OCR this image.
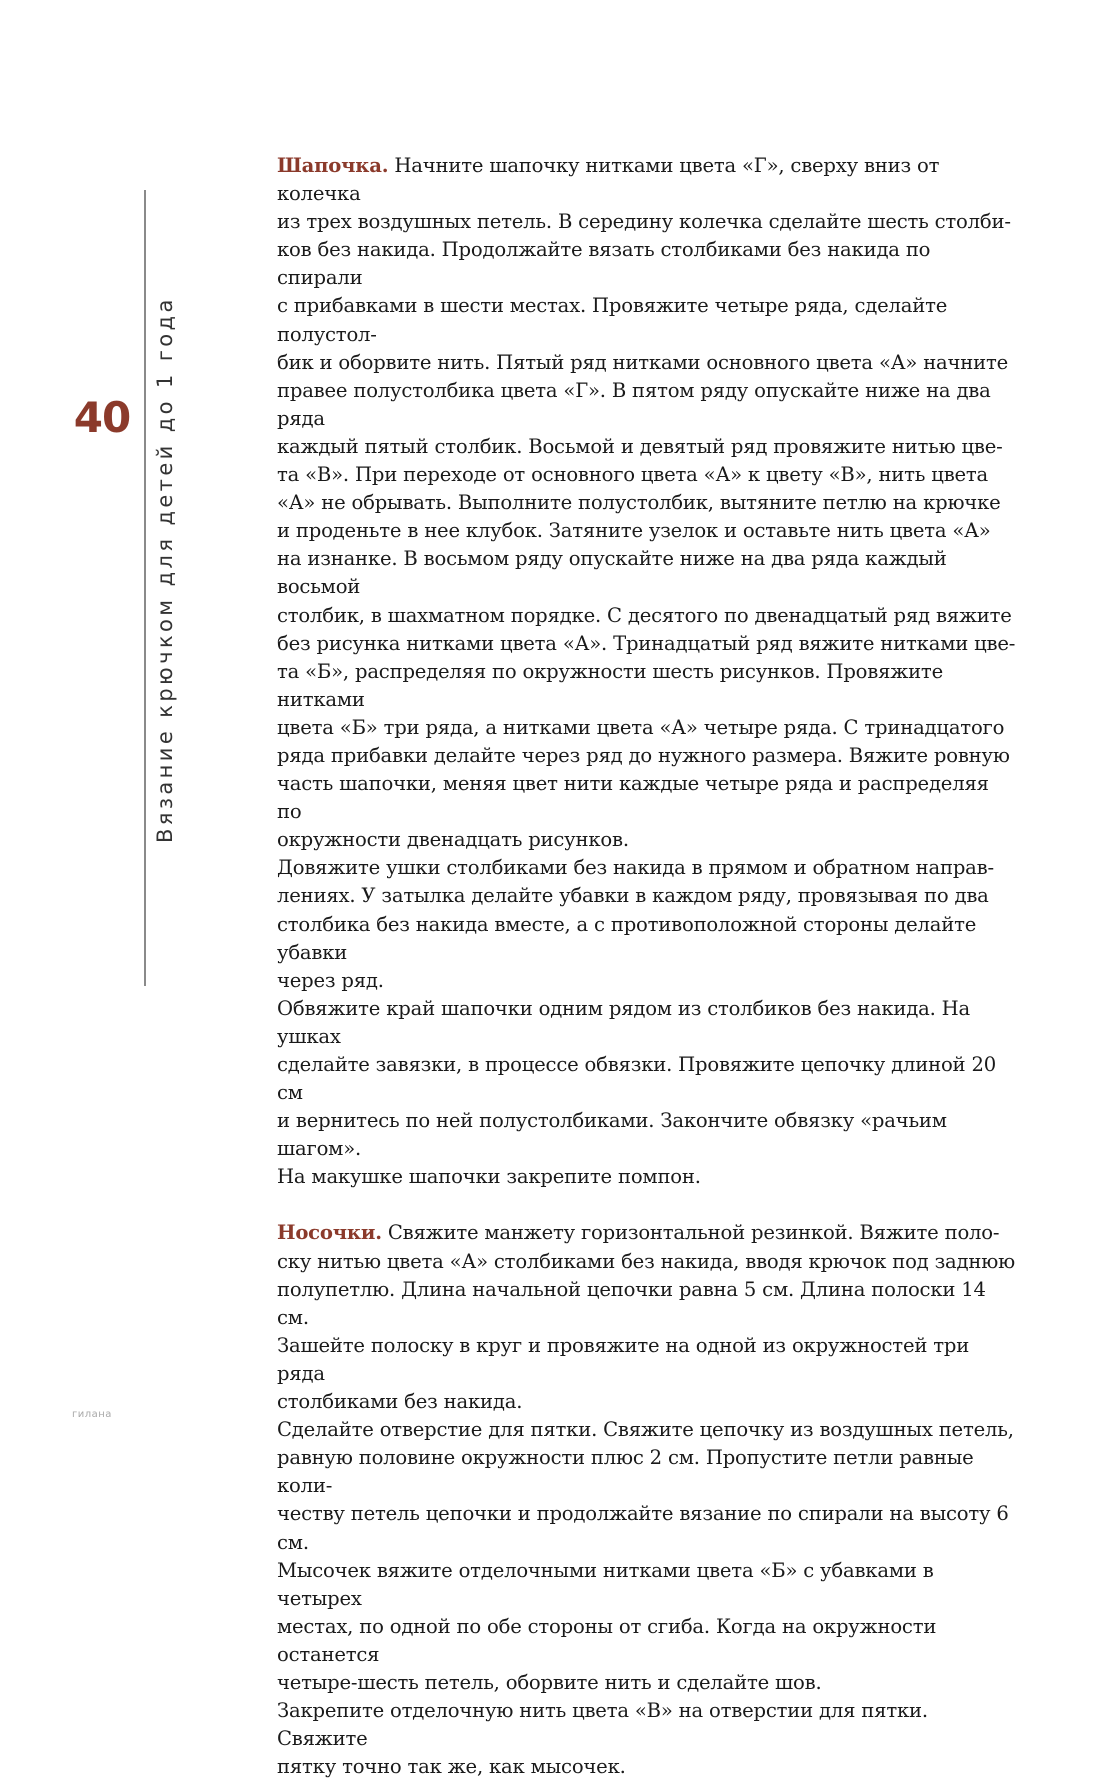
40	Вязание крючком для детей до 1 года

Шапочка. Начните шапочку нитками цвета «Г», сверху вниз от колечка
из трех воздушных петель. В середину колечка сделайте шесть столби-
ков без накида. Продолжайте вязать столбиками без накида по спирали
с прибавками в шести местах. Провяжите четыре ряда, сделайте полустол-
бик и оборвите нить. Пятый ряд нитками основного цвета «А» начните
правее полустолбика цвета «Г». В пятом ряду опускайте ниже на два ряда
каждый пятый столбик. Восьмой и девятый ряд провяжите нитью цве-
та «В». При переходе от основного цвета «А» к цвету «В», нить цвета
«А» не обрывать. Выполните полустолбик, вытяните петлю на крючке
и проденьте в нее клубок. Затяните узелок и оставьте нить цвета «А»
на изнанке. В восьмом ряду опускайте ниже на два ряда каждый восьмой
столбик, в шахматном порядке. С десятого по двенадцатый ряд вяжите
без рисунка нитками цвета «А». Тринадцатый ряд вяжите нитками цве-
та «Б», распределяя по окружности шесть рисунков. Провяжите нитками
цвета «Б» три ряда, а нитками цвета «А» четыре ряда. С тринадцатого
ряда прибавки делайте через ряд до нужного размера. Вяжите ровную
часть шапочки, меняя цвет нити каждые четыре ряда и распределяя по
окружности двенадцать рисунков.

Довяжите ушки столбиками без накида в прямом и обратном направ-
лениях. У затылка делайте убавки в каждом ряду, провязывая по два
столбика без накида вместе, а с противоположной стороны делайте убавки
через ряд.

Обвяжите край шапочки одним рядом из столбиков без накида. На ушках
сделайте завязки, в процессе обвязки. Провяжите цепочку длиной 20 см
и вернитесь по ней полустолбиками. Закончите обвязку «рачьим шагом».
На макушке шапочки закрепите помпон.

Носочки. Свяжите манжету горизонтальной резинкой. Вяжите поло-
ску нитью цвета «А» столбиками без накида, вводя крючок под заднюю
полупетлю. Длина начальной цепочки равна 5 см. Длина полоски 14 см.
Зашейте полоску в круг и провяжите на одной из окружностей три ряда
столбиками без накида.

Сделайте отверстие для пятки. Свяжите цепочку из воздушных петель,
равную половине окружности плюс 2 см. Пропустите петли равные коли-
честву петель цепочки и продолжайте вязание по спирали на высоту 6 см.
Мысочек вяжите отделочными нитками цвета «Б» с убавками в четырех
местах, по одной по обе стороны от сгиба. Когда на окружности останется
четыре-шесть петель, оборвите нить и сделайте шов.

Закрепите отделочную нить цвета «В» на отверстии для пятки. Свяжите
пятку точно так же, как мысочек.

гилана
